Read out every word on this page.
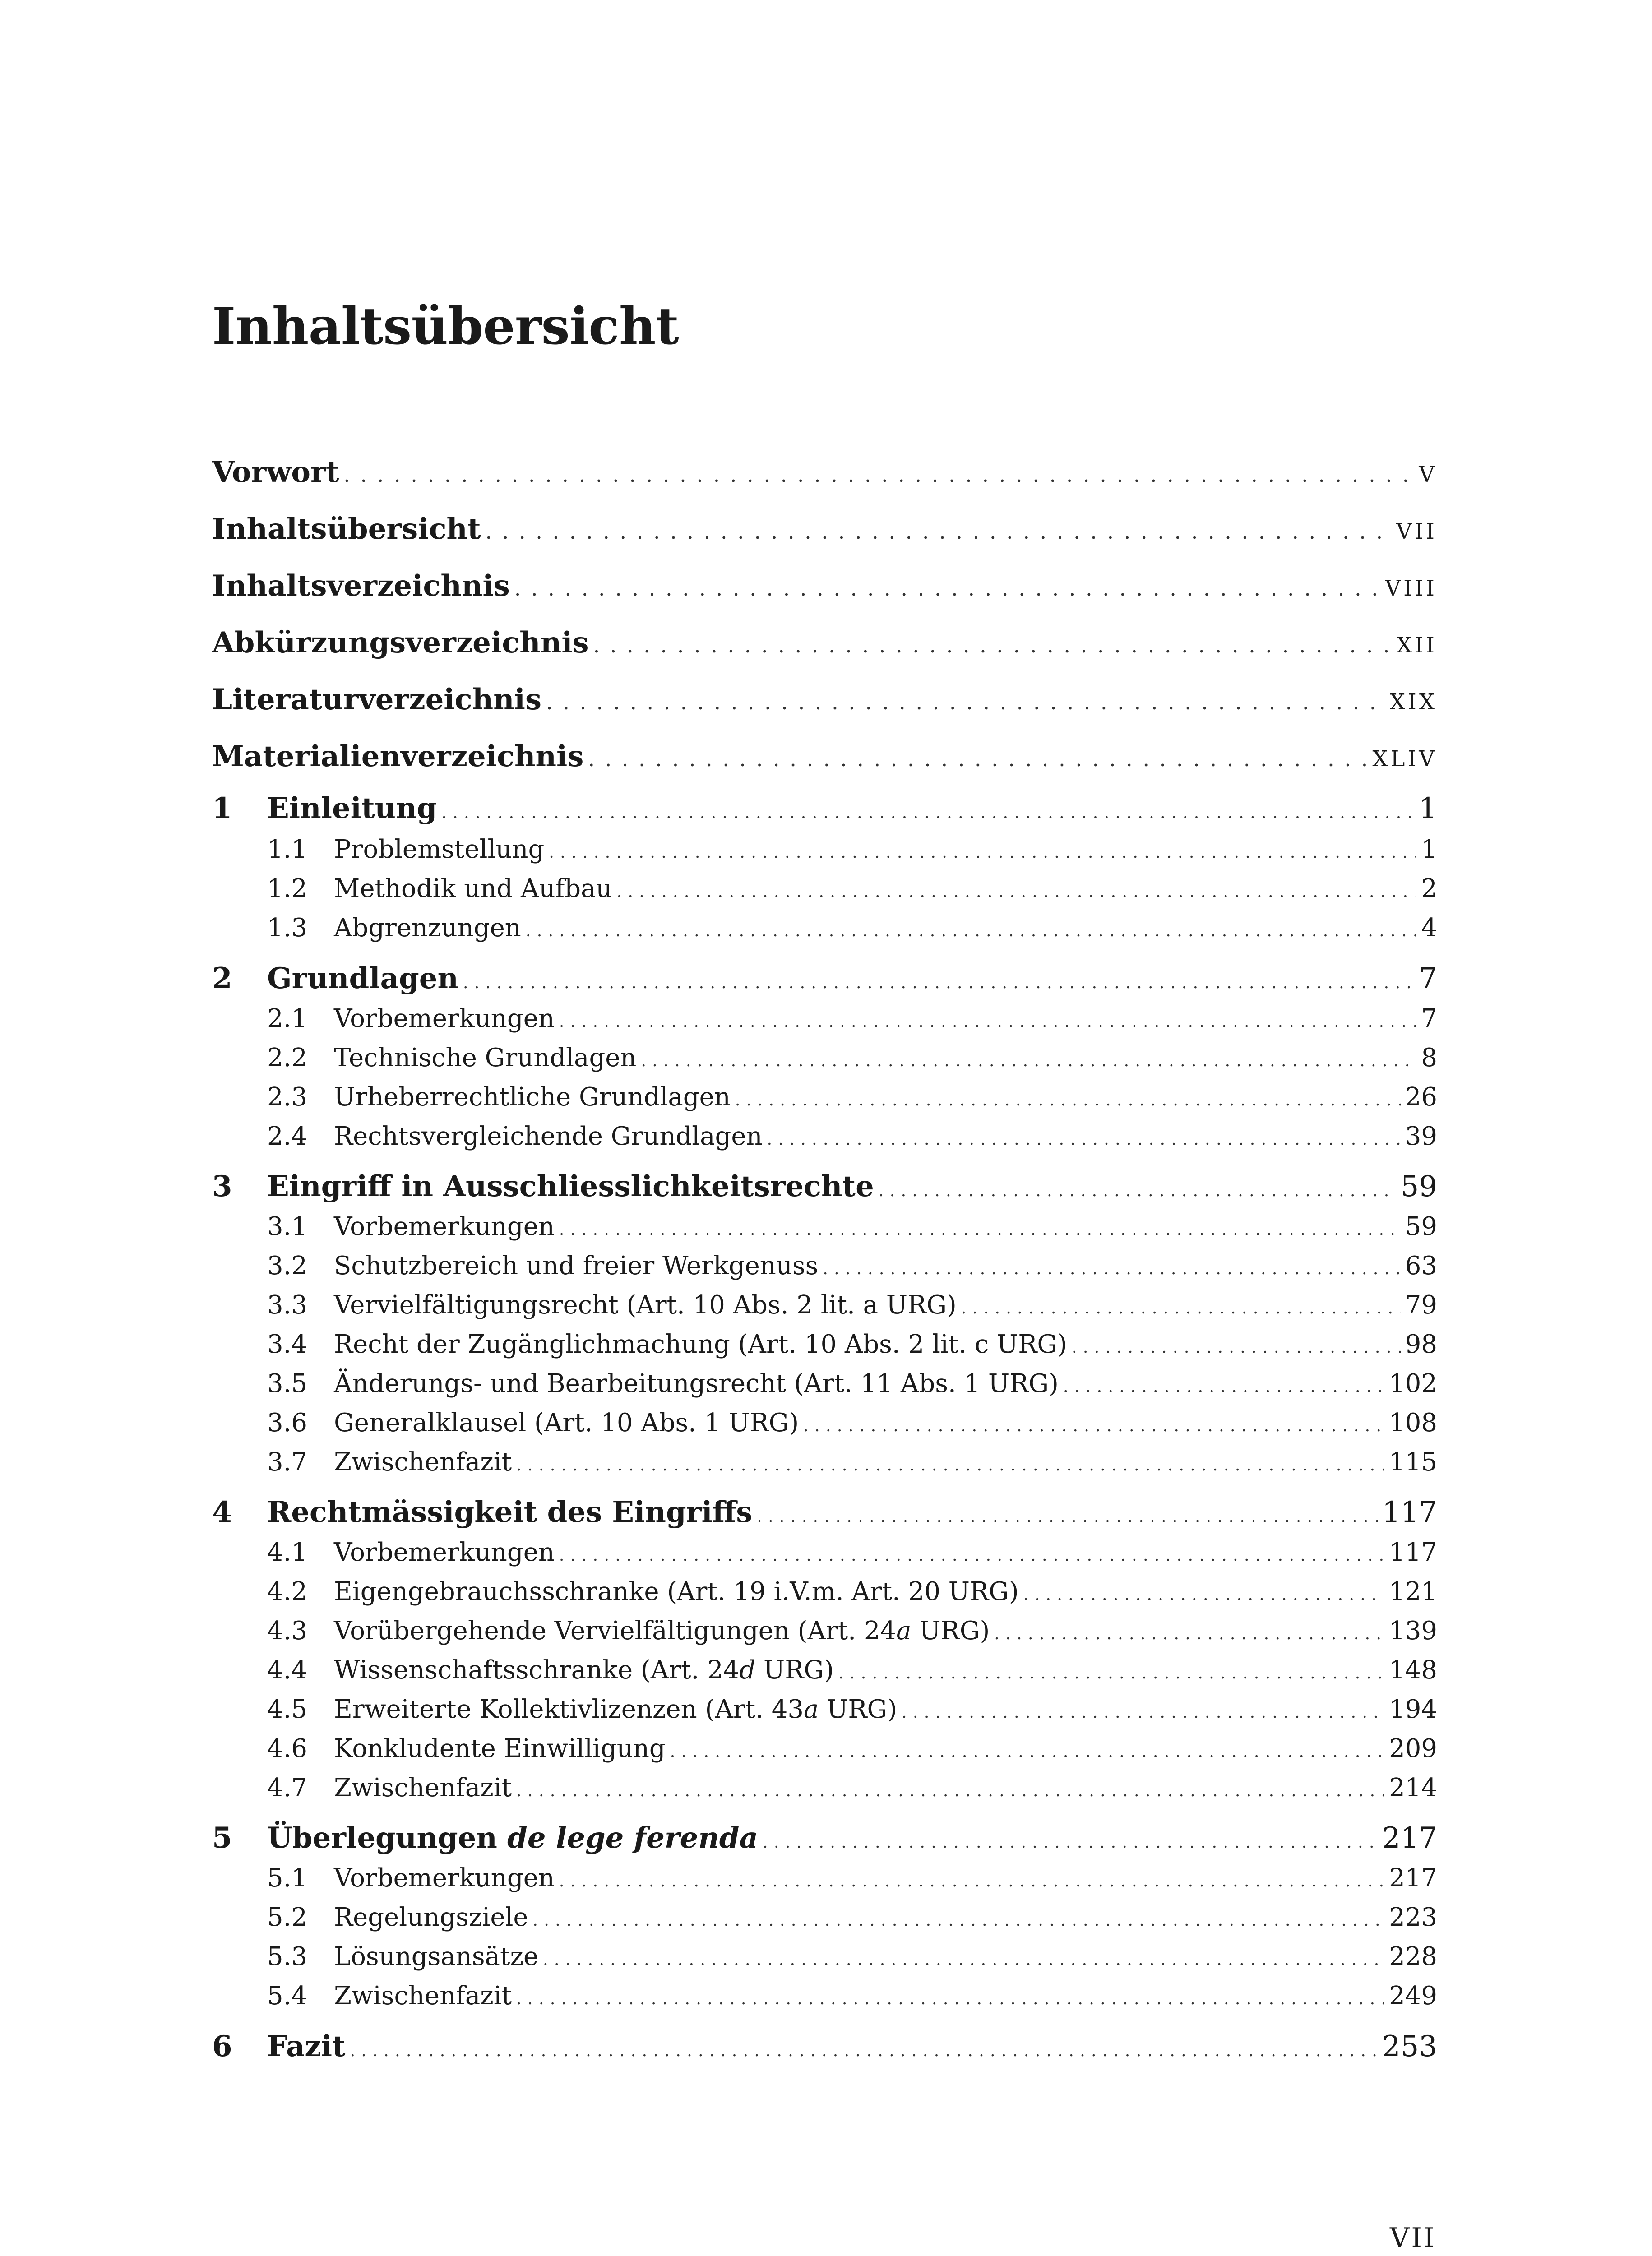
Inhaltsübersicht
Vorwort . . .	V
Inhaltsübersicht . . .	VII
Inhaltsverzeichnis . . .	VIII
Abkürzungsverzeichnis . . .	XII
Literaturverzeichnis . . .	XIX
Materialienverzeichnis . . .	XLIV
1	Einleitung . . .	1
1.1	Problemstellung . . .	1
1.2	Methodik und Aufbau . . .	2
1.3	Abgrenzungen . . .	4
2	Grundlagen . . .	7
2.1	Vorbemerkungen . . .	7
2.2	Technische Grundlagen . . .	8
2.3	Urheberrechtliche Grundlagen . . .	26
2.4	Rechtsvergleichende Grundlagen . . .	39
3	Eingriff in Ausschliesslichkeitsrechte . . .	59
3.1	Vorbemerkungen . . .	59
3.2	Schutzbereich und freier Werkgenuss . . .	63
3.3	Vervielfältigungsrecht (Art. 10 Abs. 2 lit. a URG) . . .	79
3.4	Recht der Zugänglichmachung (Art. 10 Abs. 2 lit. c URG) . . .	98
3.5	Änderungs- und Bearbeitungsrecht (Art. 11 Abs. 1 URG) . . .	102
3.6	Generalklausel (Art. 10 Abs. 1 URG) . . .	108
3.7	Zwischenfazit . . .	115
4	Rechtmässigkeit des Eingriffs . . .	117
4.1	Vorbemerkungen . . .	117
4.2	Eigengebrauchsschranke (Art. 19 i.V.m. Art. 20 URG) . . .	121
4.3	Vorübergehende Vervielfältigungen (Art. 24a URG) . . .	139
4.4	Wissenschaftsschranke (Art. 24d URG) . . .	148
4.5	Erweiterte Kollektivlizenzen (Art. 43a URG) . . .	194
4.6	Konkludente Einwilligung . . .	209
4.7	Zwischenfazit . . .	214
5	Überlegungen de lege ferenda . . .	217
5.1	Vorbemerkungen . . .	217
5.2	Regelungsziele . . .	223
5.3	Lösungsansätze . . .	228
5.4	Zwischenfazit . . .	249
6	Fazit . . .	253
VII
